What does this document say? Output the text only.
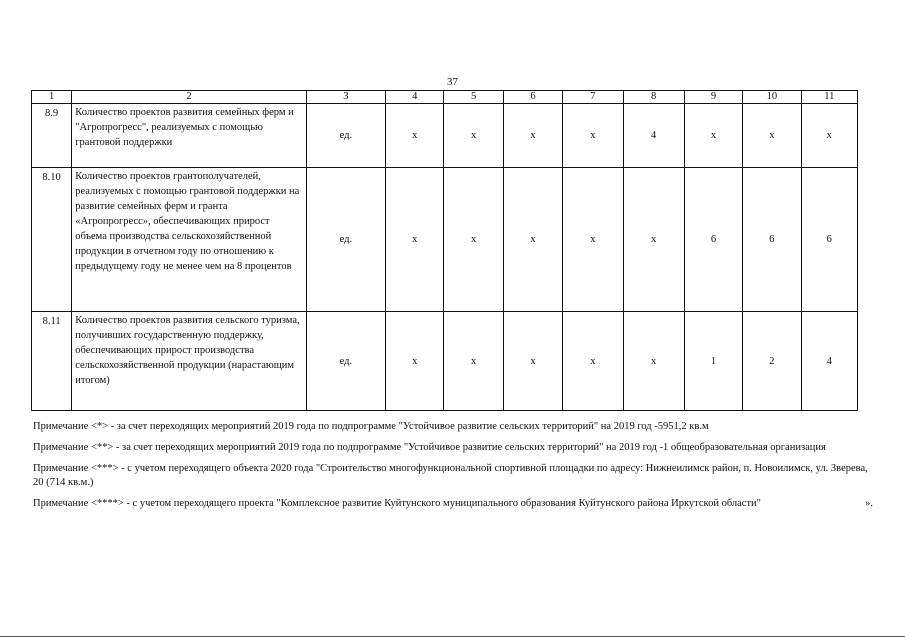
37
1	2	3	4	5	6	7	8	9	10	11
8.9	Количество проектов развития семейных ферм и "Агропрогресс", реализуемых с помощью грантовой поддержки	ед.	х	х	х	х	4	х	х	х
8.10	Количество проектов грантополучателей, реализуемых с помощью грантовой поддержки на развитие семейных ферм и гранта «Агропрогресс», обеспечивающих прирост объема производства сельскохозяйственной продукции в отчетном году по отношению к предыдущему году не менее чем на 8 процентов	ед.	х	х	х	х	х	6	6	6
8.11	Количество проектов развития сельского туризма, получивших государственную поддержку, обеспечивающих прирост производства сельскохозяйственной продукции (нарастающим итогом)	ед.	х	х	х	х	х	1	2	4

Примечание <*> - за счет переходящих мероприятий 2019 года по подпрограмме "Устойчивое развитие сельских территорий" на 2019 год -5951,2 кв.м

Примечание <**> - за счет переходящих мероприятий 2019 года по подпрограмме "Устойчивое развитие сельских территорий" на 2019 год -1 общеобразовательная организация

Примечание <***> - с учетом переходящего объекта 2020 года "Строительство многофункциональной спортивной площадки по адресу: Нижнеилимск район, п. Новоилимск, ул. Зверева, 20 (714 кв.м.)

Примечание <****> - с учетом переходящего проекта "Комплексное развитие Куйтунского муниципального образования Куйтунского района Иркутской области"	».
